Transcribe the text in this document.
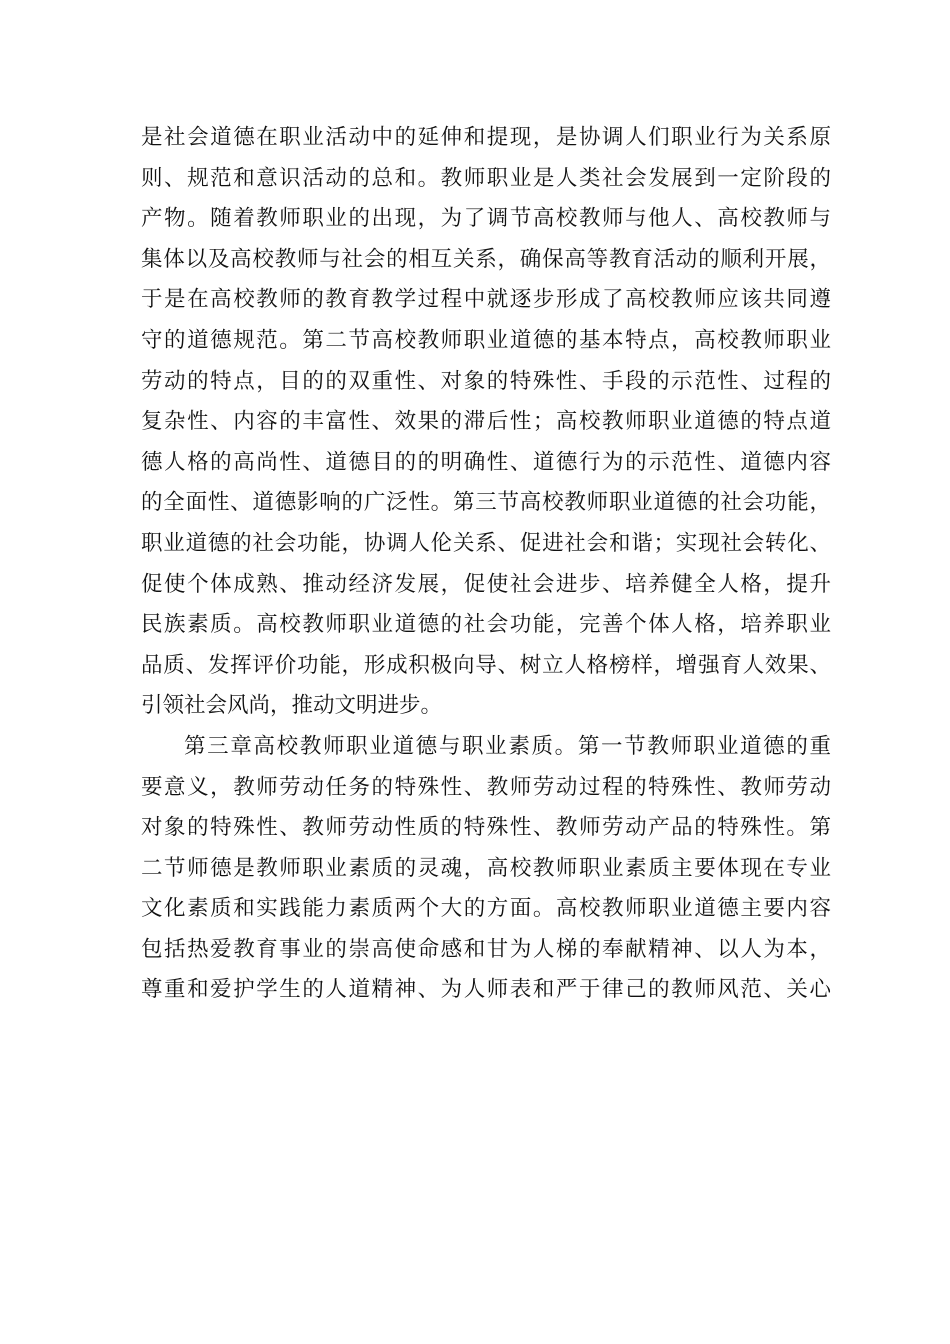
是社会道德在职业活动中的延伸和提现，是协调人们职业行为关系原
则、规范和意识活动的总和。教师职业是人类社会发展到一定阶段的
产物。随着教师职业的出现，为了调节高校教师与他人、高校教师与
集体以及高校教师与社会的相互关系，确保高等教育活动的顺利开展，
于是在高校教师的教育教学过程中就逐步形成了高校教师应该共同遵
守的道德规范。第二节高校教师职业道德的基本特点，高校教师职业
劳动的特点，目的的双重性、对象的特殊性、手段的示范性、过程的
复杂性、内容的丰富性、效果的滞后性；高校教师职业道德的特点道
德人格的高尚性、道德目的的明确性、道德行为的示范性、道德内容
的全面性、道德影响的广泛性。第三节高校教师职业道德的社会功能，
职业道德的社会功能，协调人伦关系、促进社会和谐；实现社会转化、
促使个体成熟、推动经济发展，促使社会进步、培养健全人格，提升
民族素质。高校教师职业道德的社会功能，完善个体人格，培养职业
品质、发挥评价功能，形成积极向导、树立人格榜样，增强育人效果、
引领社会风尚，推动文明进步。
第三章高校教师职业道德与职业素质。第一节教师职业道德的重
要意义，教师劳动任务的特殊性、教师劳动过程的特殊性、教师劳动
对象的特殊性、教师劳动性质的特殊性、教师劳动产品的特殊性。第
二节师德是教师职业素质的灵魂，高校教师职业素质主要体现在专业
文化素质和实践能力素质两个大的方面。高校教师职业道德主要内容
包括热爱教育事业的崇高使命感和甘为人梯的奉献精神、以人为本，
尊重和爱护学生的人道精神、为人师表和严于律己的教师风范、关心
